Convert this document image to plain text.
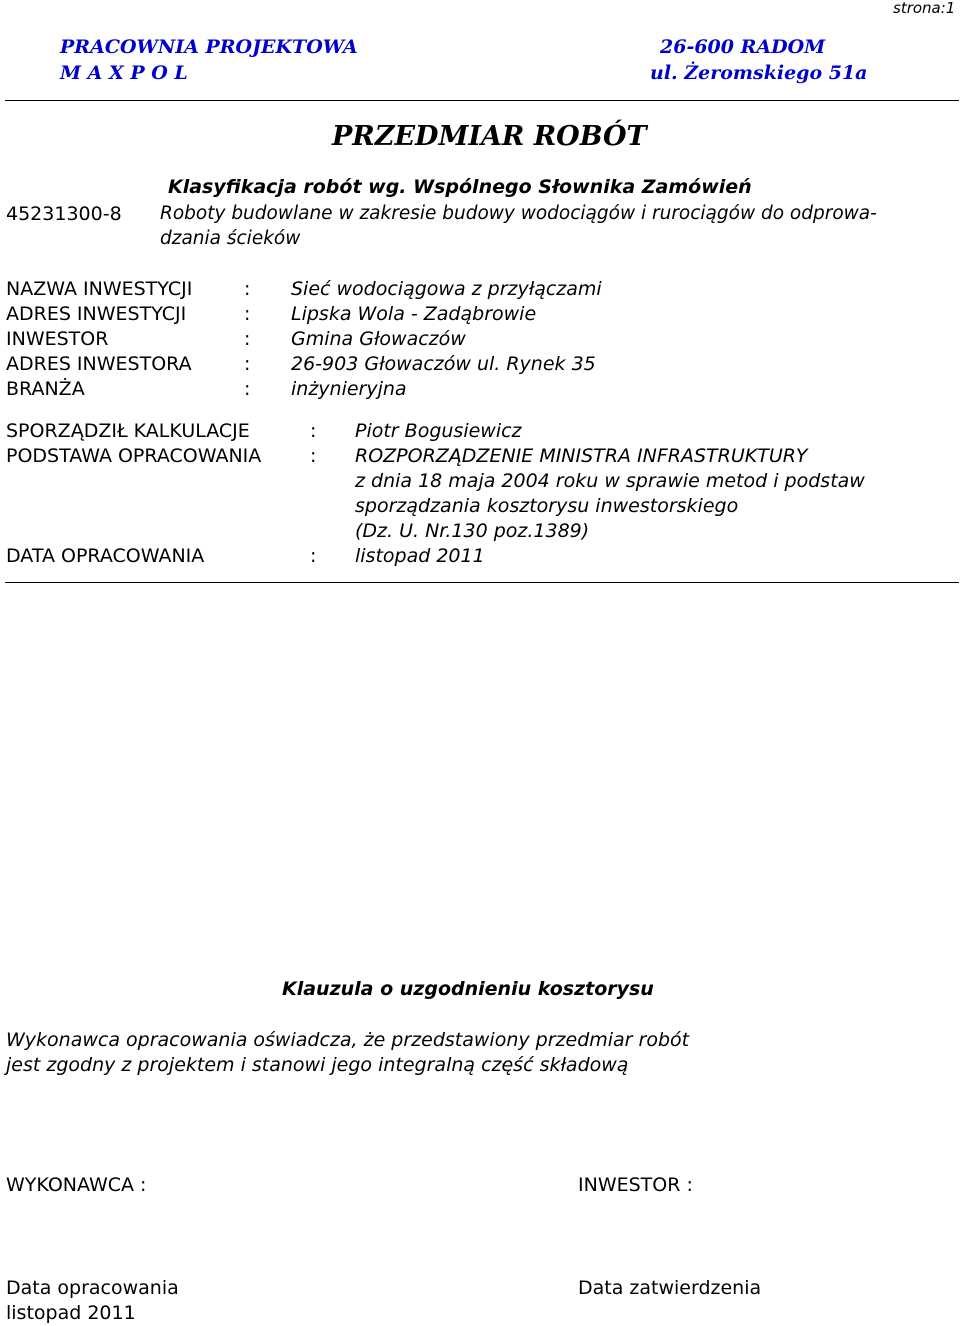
strona:1
PRACOWNIA PROJEKTOWA
M A X P O L
26-600 RADOM
ul. Żeromskiego 51a
PRZEDMIAR ROBÓT
Klasyfikacja robót wg. Wspólnego Słownika Zamówień
45231300-8 Roboty budowlane w zakresie budowy wodociągów i rurociągów do odprowa-
dzania ścieków
NAZWA INWESTYCJI	: Sieć wodociągowa z przyłączami
ADRES INWESTYCJI	: Lipska Wola - Zadąbrowie
INWESTOR	: Gmina Głowaczów
ADRES INWESTORA	: 26-903 Głowaczów ul. Rynek 35
BRANŻA	: inżynieryjna
SPORZĄDZIŁ KALKULACJE	: Piotr Bogusiewicz
PODSTAWA OPRACOWANIA	: ROZPORZĄDZENIE MINISTRA INFRASTRUKTURY
z dnia 18 maja 2004 roku w sprawie metod i podstaw
sporządzania kosztorysu inwestorskiego
(Dz. U. Nr.130 poz.1389)
DATA OPRACOWANIA	: listopad 2011
Klauzula o uzgodnieniu kosztorysu
Wykonawca opracowania oświadcza, że przedstawiony przedmiar robót
jest zgodny z projektem i stanowi jego integralną część składową
WYKONAWCA :	INWESTOR :
Data opracowania
listopad 2011
Data zatwierdzenia
